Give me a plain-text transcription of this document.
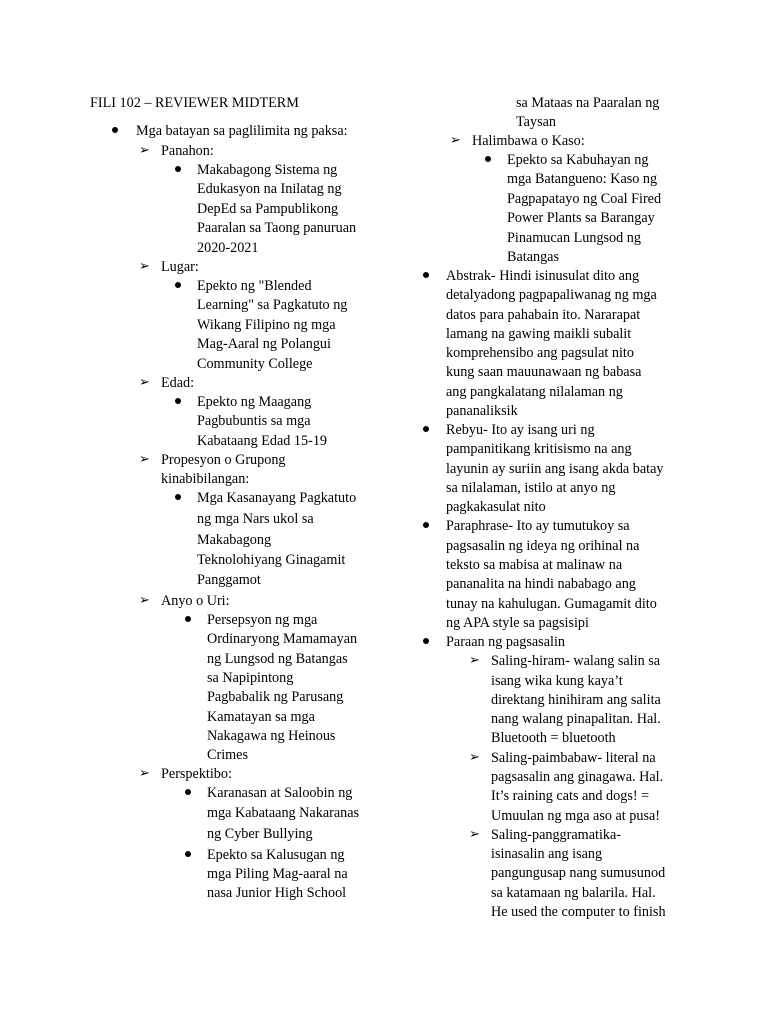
FILI 102 – REVIEWER MIDTERM
Mga batayan sa paglilimita ng paksa:
➢ Panahon:
Makabagong Sistema ng
Edukasyon na Inilatag ng
DepEd sa Pampublikong
Paaralan sa Taong panuruan
2020-2021
➢ Lugar:
Epekto ng "Blended
Learning" sa Pagkatuto ng
Wikang Filipino ng mga
Mag-Aaral ng Polangui
Community College
➢ Edad:
Epekto ng Maagang
Pagbubuntis sa mga
Kabataang Edad 15-19
➢ Propesyon o Grupong
kinabibilangan:
Mga Kasanayang Pagkatuto
ng mga Nars ukol sa
Makabagong
Teknolohiyang Ginagamit
Panggamot
➢ Anyo o Uri:
Persepsyon ng mga
Ordinaryong Mamamayan
ng Lungsod ng Batangas
sa Napipintong
Pagbabalik ng Parusang
Kamatayan sa mga
Nakagawa ng Heinous
Crimes
➢ Perspektibo:
Karanasan at Saloobin ng
mga Kabataang Nakaranas
ng Cyber Bullying
Epekto sa Kalusugan ng
mga Piling Mag-aaral na
nasa Junior High School
sa Mataas na Paaralan ng
Taysan
➢ Halimbawa o Kaso:
Epekto sa Kabuhayan ng
mga Batangueno: Kaso ng
Pagpapatayo ng Coal Fired
Power Plants sa Barangay
Pinamucan Lungsod ng
Batangas
Abstrak- Hindi isinusulat dito ang
detalyadong pagpapaliwanag ng mga
datos para pahabain ito. Nararapat
lamang na gawing maikli subalit
komprehensibo ang pagsulat nito
kung saan mauunawaan ng babasa
ang pangkalatang nilalaman ng
pananaliksik
Rebyu- Ito ay isang uri ng
pampanitikang kritisismo na ang
layunin ay suriin ang isang akda batay
sa nilalaman, istilo at anyo ng
pagkakasulat nito
Paraphrase- Ito ay tumutukoy sa
pagsasalin ng ideya ng orihinal na
teksto sa mabisa at malinaw na
pananalita na hindi nababago ang
tunay na kahulugan. Gumagamit dito
ng APA style sa pagsisipi
Paraan ng pagsasalin
➢ Saling-hiram- walang salin sa
isang wika kung kaya’t
direktang hinihiram ang salita
nang walang pinapalitan. Hal.
Bluetooth = bluetooth
➢ Saling-paimbabaw- literal na
pagsasalin ang ginagawa. Hal.
It’s raining cats and dogs! =
Umuulan ng mga aso at pusa!
➢ Saling-panggramatika-
isinasalin ang isang
pangungusap nang sumusunod
sa katamaan ng balarila. Hal.
He used the computer to finish
